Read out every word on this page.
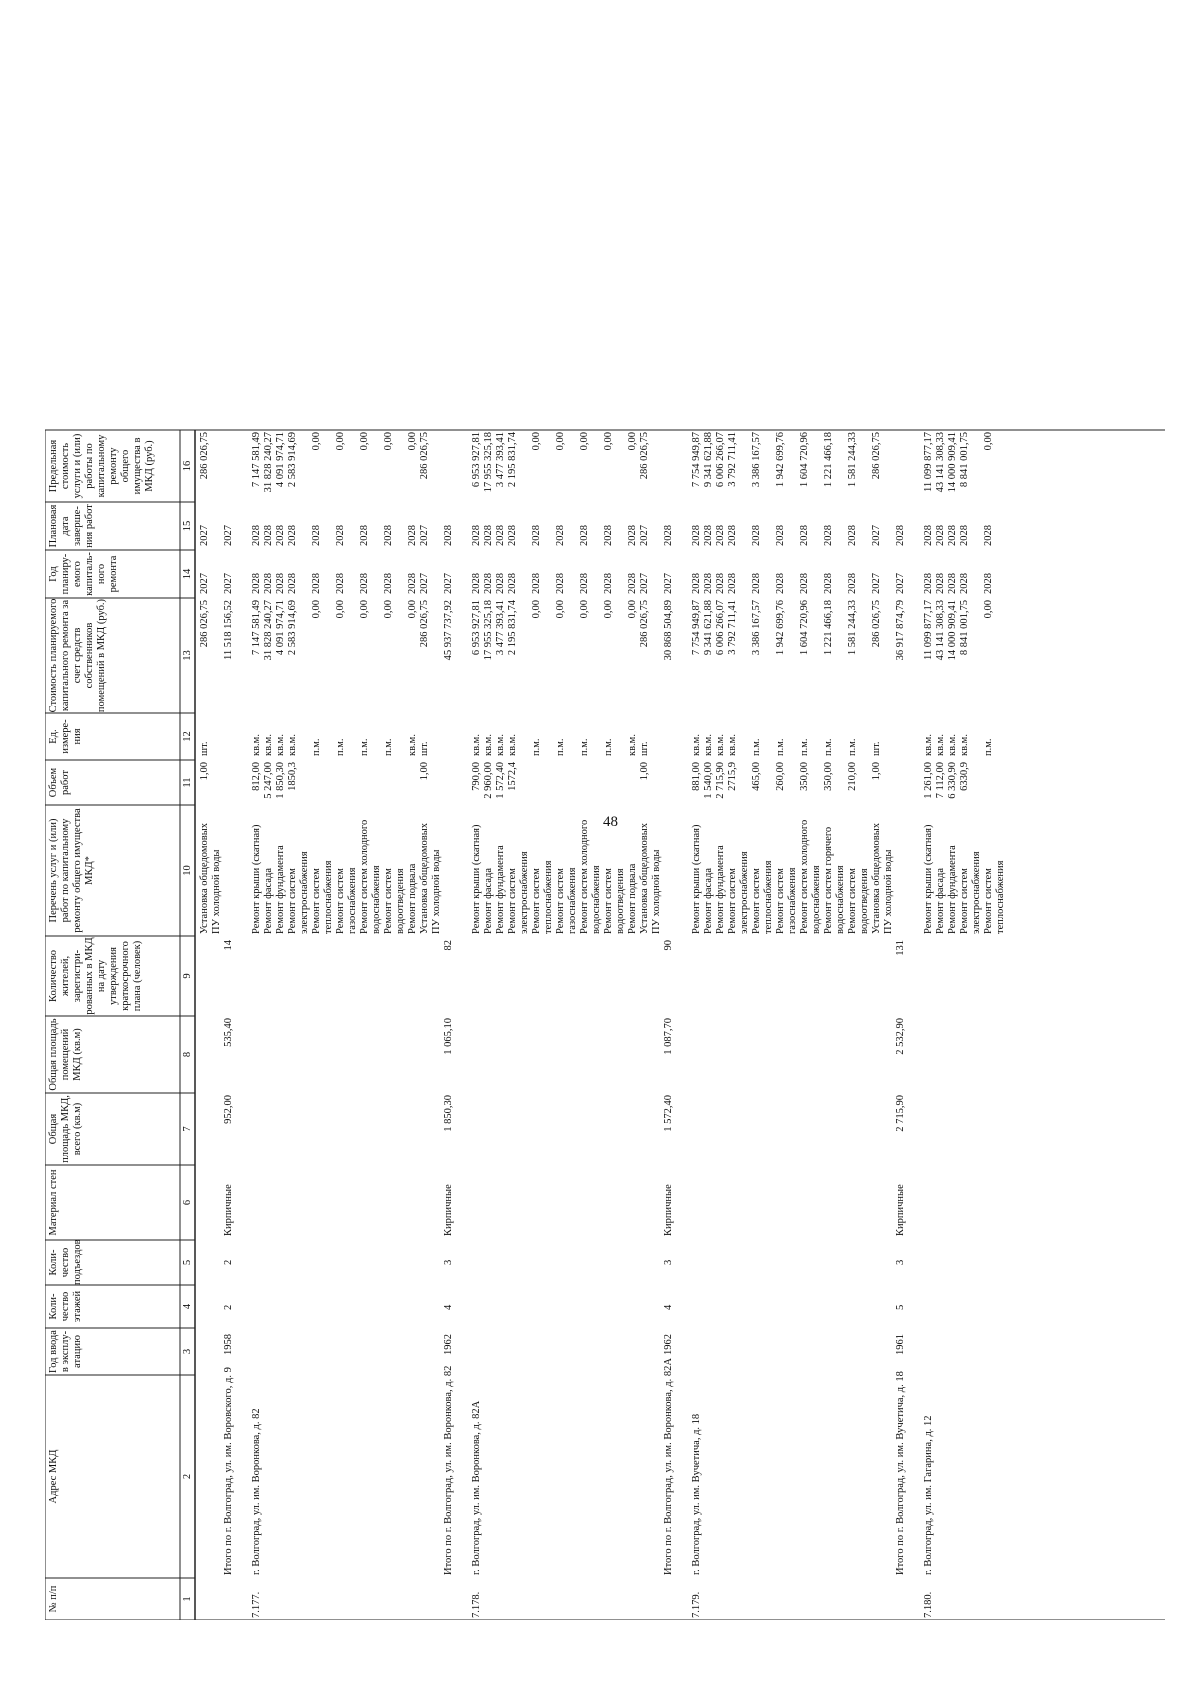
48
№ п/п
Адрес МКД
Год ввода в эксплу-атацию
Коли-чество этажей
Коли-чество подъездов
Материал стен
Общая площадь МКД, всего (кв.м)
Общая площадь помещений МКД (кв.м)
Количество жителей, зарегистри-рованных в МКД на дату утверждения краткосрочного плана (человек)
Перечень услуг и (или) работ по капитальному ремонту общего имущества МКД*
Объем работ
Ед. измере-ния
Стоимость планируемого капитального ремонта за счет средств собственников помещений в МКД (руб.)
Год планиру-емого капиталь-ного ремонта
Плановая дата заверше-ния работ
Предельная стоимость услуги и (или) работы по капитальному ремонту общего имущества в МКД (руб.)
1
2
3
4
5
6
7
8
9
10
11
12
13
14
15
16
Установка общедомовых
1,00
шт.
286 026,75
2027
2027
286 026,75
ПУ холодной воды
Итого по г. Волгоград, ул. им. Воровского, д. 9
1958
2
2
Кирпичные
952,00
535,40
14
11 518 156,52
2027
2027
7.177.
г. Волгоград, ул. им. Воронкова, д. 82
Ремонт крыши (скатная)
812,00
кв.м.
7 147 581,49
2028
2028
7 147 581,49
Ремонт фасада
5 247,00
кв.м.
31 828 240,27
2028
2028
31 828 240,27
Ремонт фундамента
1 850,30
кв.м.
4 091 974,71
2028
2028
4 091 974,71
Ремонт систем
1850,3
кв.м.
2 583 914,69
2028
2028
2 583 914,69
электроснабжения Ремонт систем
п.м.
0,00
2028
2028
0,00
теплоснабжения Ремонт систем
п.м.
0,00
2028
2028
0,00
газоснабжения Ремонт систем холодного
п.м.
0,00
2028
2028
0,00
водоснабжения Ремонт систем
п.м.
0,00
2028
2028
0,00
водоотведения Ремонт подвала
кв.м.
0,00
2028
2028
0,00
Установка общедомовых
1,00
шт.
286 026,75
2027
2027
286 026,75
ПУ холодной воды
Итого по г. Волгоград, ул. им. Воронкова, д. 82
1962
4
3
Кирпичные
1 850,30
1 065,10
82
45 937 737,92
2027
2028
7.178.
г. Волгоград, ул. им. Воронкова, д. 82А
Ремонт крыши (скатная)
790,00
кв.м.
6 953 927,81
2028
2028
6 953 927,81
Ремонт фасада
2 960,00
кв.м.
17 955 325,18
2028
2028
17 955 325,18
Ремонт фундамента
1 572,40
кв.м.
3 477 393,41
2028
2028
3 477 393,41
Ремонт систем
1572,4
кв.м.
2 195 831,74
2028
2028
2 195 831,74
электроснабжения Ремонт систем
п.м.
0,00
2028
2028
0,00
теплоснабжения Ремонт систем
п.м.
0,00
2028
2028
0,00
газоснабжения Ремонт систем холодного
п.м.
0,00
2028
2028
0,00
водоснабжения Ремонт систем
п.м.
0,00
2028
2028
0,00
водоотведения Ремонт подвала
кв.м.
0,00
2028
2028
0,00
Установка общедомовых
1,00
шт.
286 026,75
2027
2027
286 026,75
ПУ холодной воды
Итого по г. Волгоград, ул. им. Воронкова, д. 82А
1962
4
3
Кирпичные
1 572,40
1 087,70
90
30 868 504,89
2027
2028
7.179.
г. Волгоград, ул. им. Вучетича, д. 18
Ремонт крыши (скатная)
881,00
кв.м.
7 754 949,87
2028
2028
7 754 949,87
Ремонт фасада
1 540,00
кв.м.
9 341 621,88
2028
2028
9 341 621,88
Ремонт фундамента
2 715,90
кв.м.
6 006 266,07
2028
2028
6 006 266,07
Ремонт систем
2715,9
кв.м.
3 792 711,41
2028
2028
3 792 711,41
электроснабжения Ремонт систем
465,00
п.м.
3 386 167,57
2028
2028
3 386 167,57
теплоснабжения Ремонт систем
260,00
п.м.
1 942 699,76
2028
2028
1 942 699,76
газоснабжения Ремонт систем холодного
350,00
п.м.
1 604 720,96
2028
2028
1 604 720,96
водоснабжения Ремонт систем горячего
350,00
п.м.
1 221 466,18
2028
2028
1 221 466,18
водоснабжения Ремонт систем
210,00
п.м.
1 581 244,33
2028
2028
1 581 244,33
водоотведения Установка общедомовых
1,00
шт.
286 026,75
2027
2027
286 026,75
ПУ холодной воды
Итого по г. Волгоград, ул. им. Вучетича, д. 18
1961
5
3
Кирпичные
2 715,90
2 532,90
131
36 917 874,79
2027
2028
7.180.
г. Волгоград, ул. им. Гагарина, д. 12
Ремонт крыши (скатная)
1 261,00
кв.м.
11 099 877,17
2028
2028
11 099 877,17
Ремонт фасада
7 112,00
кв.м.
43 141 308,33
2028
2028
43 141 308,33
Ремонт фундамента
6 330,90
кв.м.
14 000 909,41
2028
2028
14 000 909,41
Ремонт систем
6330,9
кв.м.
8 841 001,75
2028
2028
8 841 001,75
электроснабжения Ремонт систем
п.м.
0,00
2028
2028
0,00
теплоснабжения
